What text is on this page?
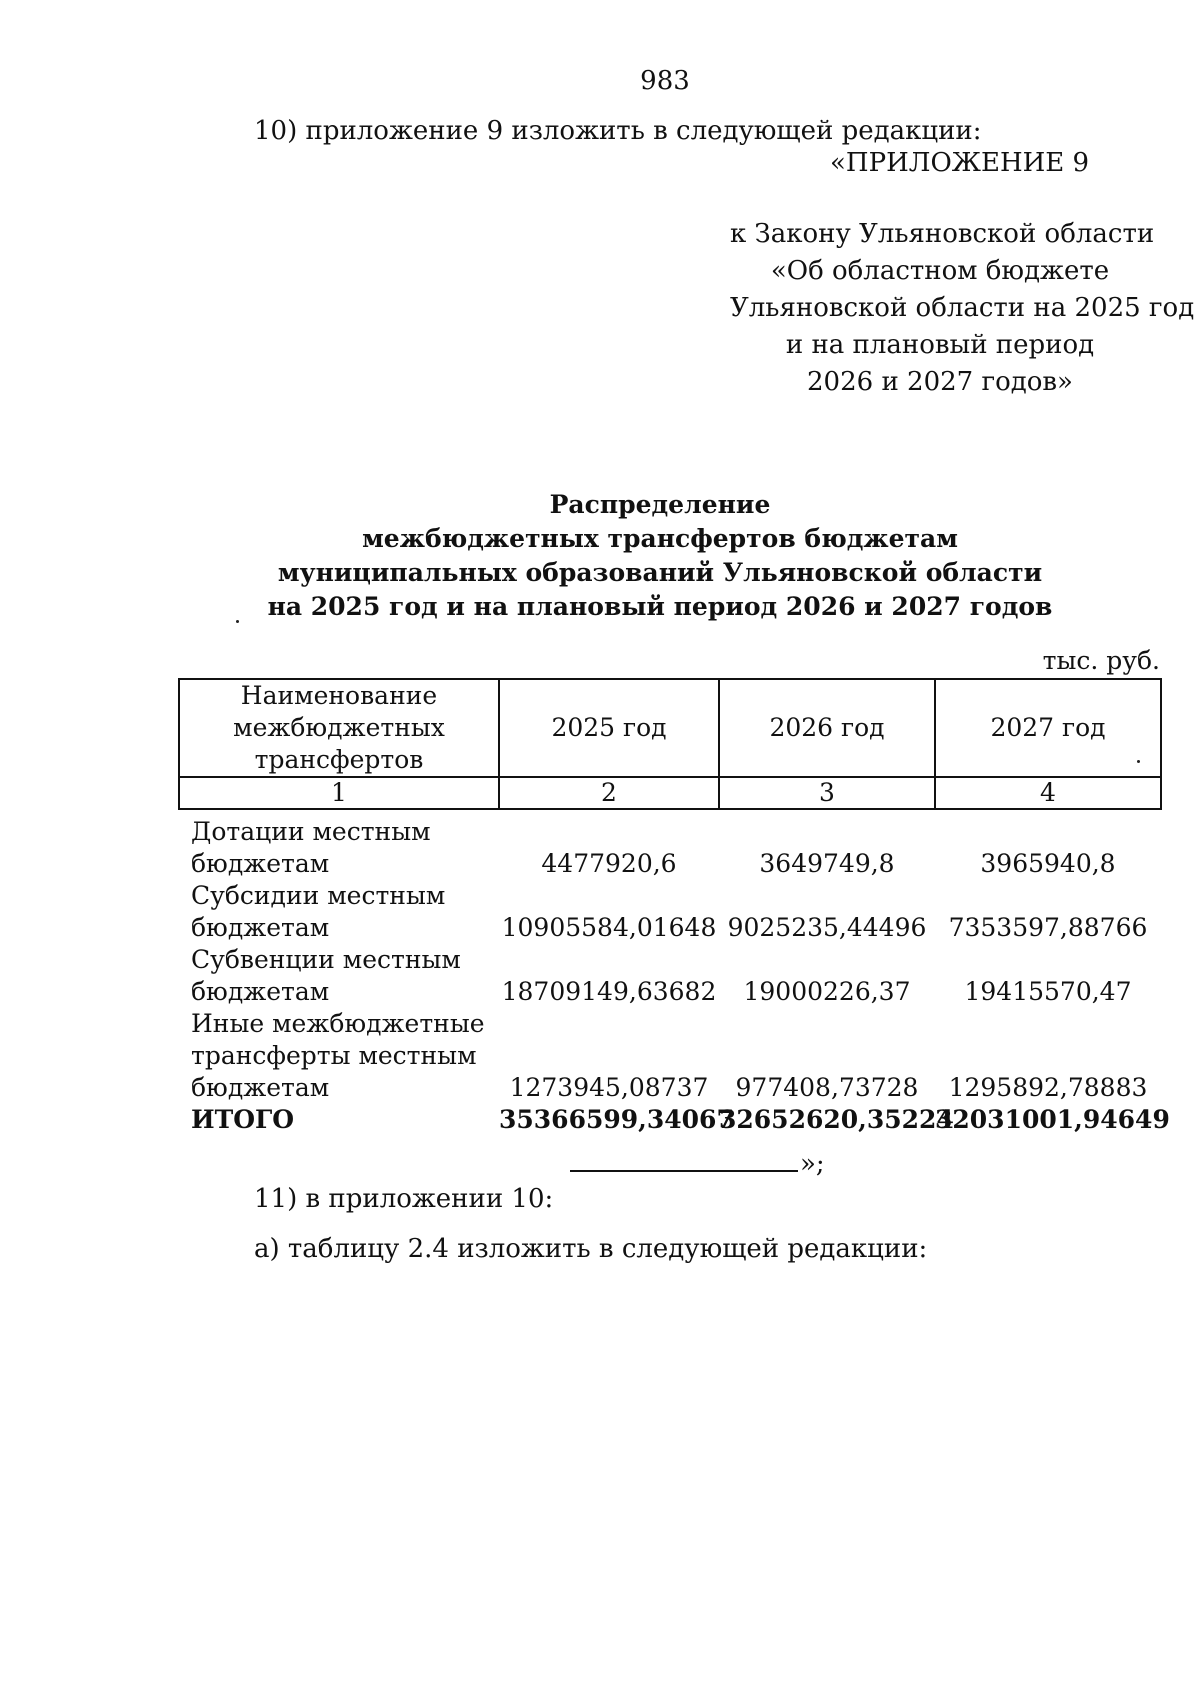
983
10) приложение 9 изложить в следующей редакции:
«ПРИЛОЖЕНИЕ 9
к Закону Ульяновской области
«Об областном бюджете
Ульяновской области на 2025 год
и на плановый период
2026 и 2027 годов»
Распределение
межбюджетных трансфертов бюджетам
муниципальных образований Ульяновской области
на 2025 год и на плановый период 2026 и 2027 годов
тыс. руб.
Наименование
межбюджетных
трансфертов	2025 год	2026 год	2027 год
1	2	3	4

Дотации местным
бюджетам	4477920,6	3649749,8	3965940,8

Субсидии местным
бюджетам	10905584,01648	9025235,44496	7353597,88766

Субвенции местным
бюджетам	18709149,63682	19000226,37	19415570,47

Иные межбюджетные
трансферты местным
бюджетам	1273945,08737	977408,73728	1295892,78883
ИТОГО	35366599,34067	32652620,35224	32031001,94649
»;
11) в приложении 10:
а) таблицу 2.4 изложить в следующей редакции:
